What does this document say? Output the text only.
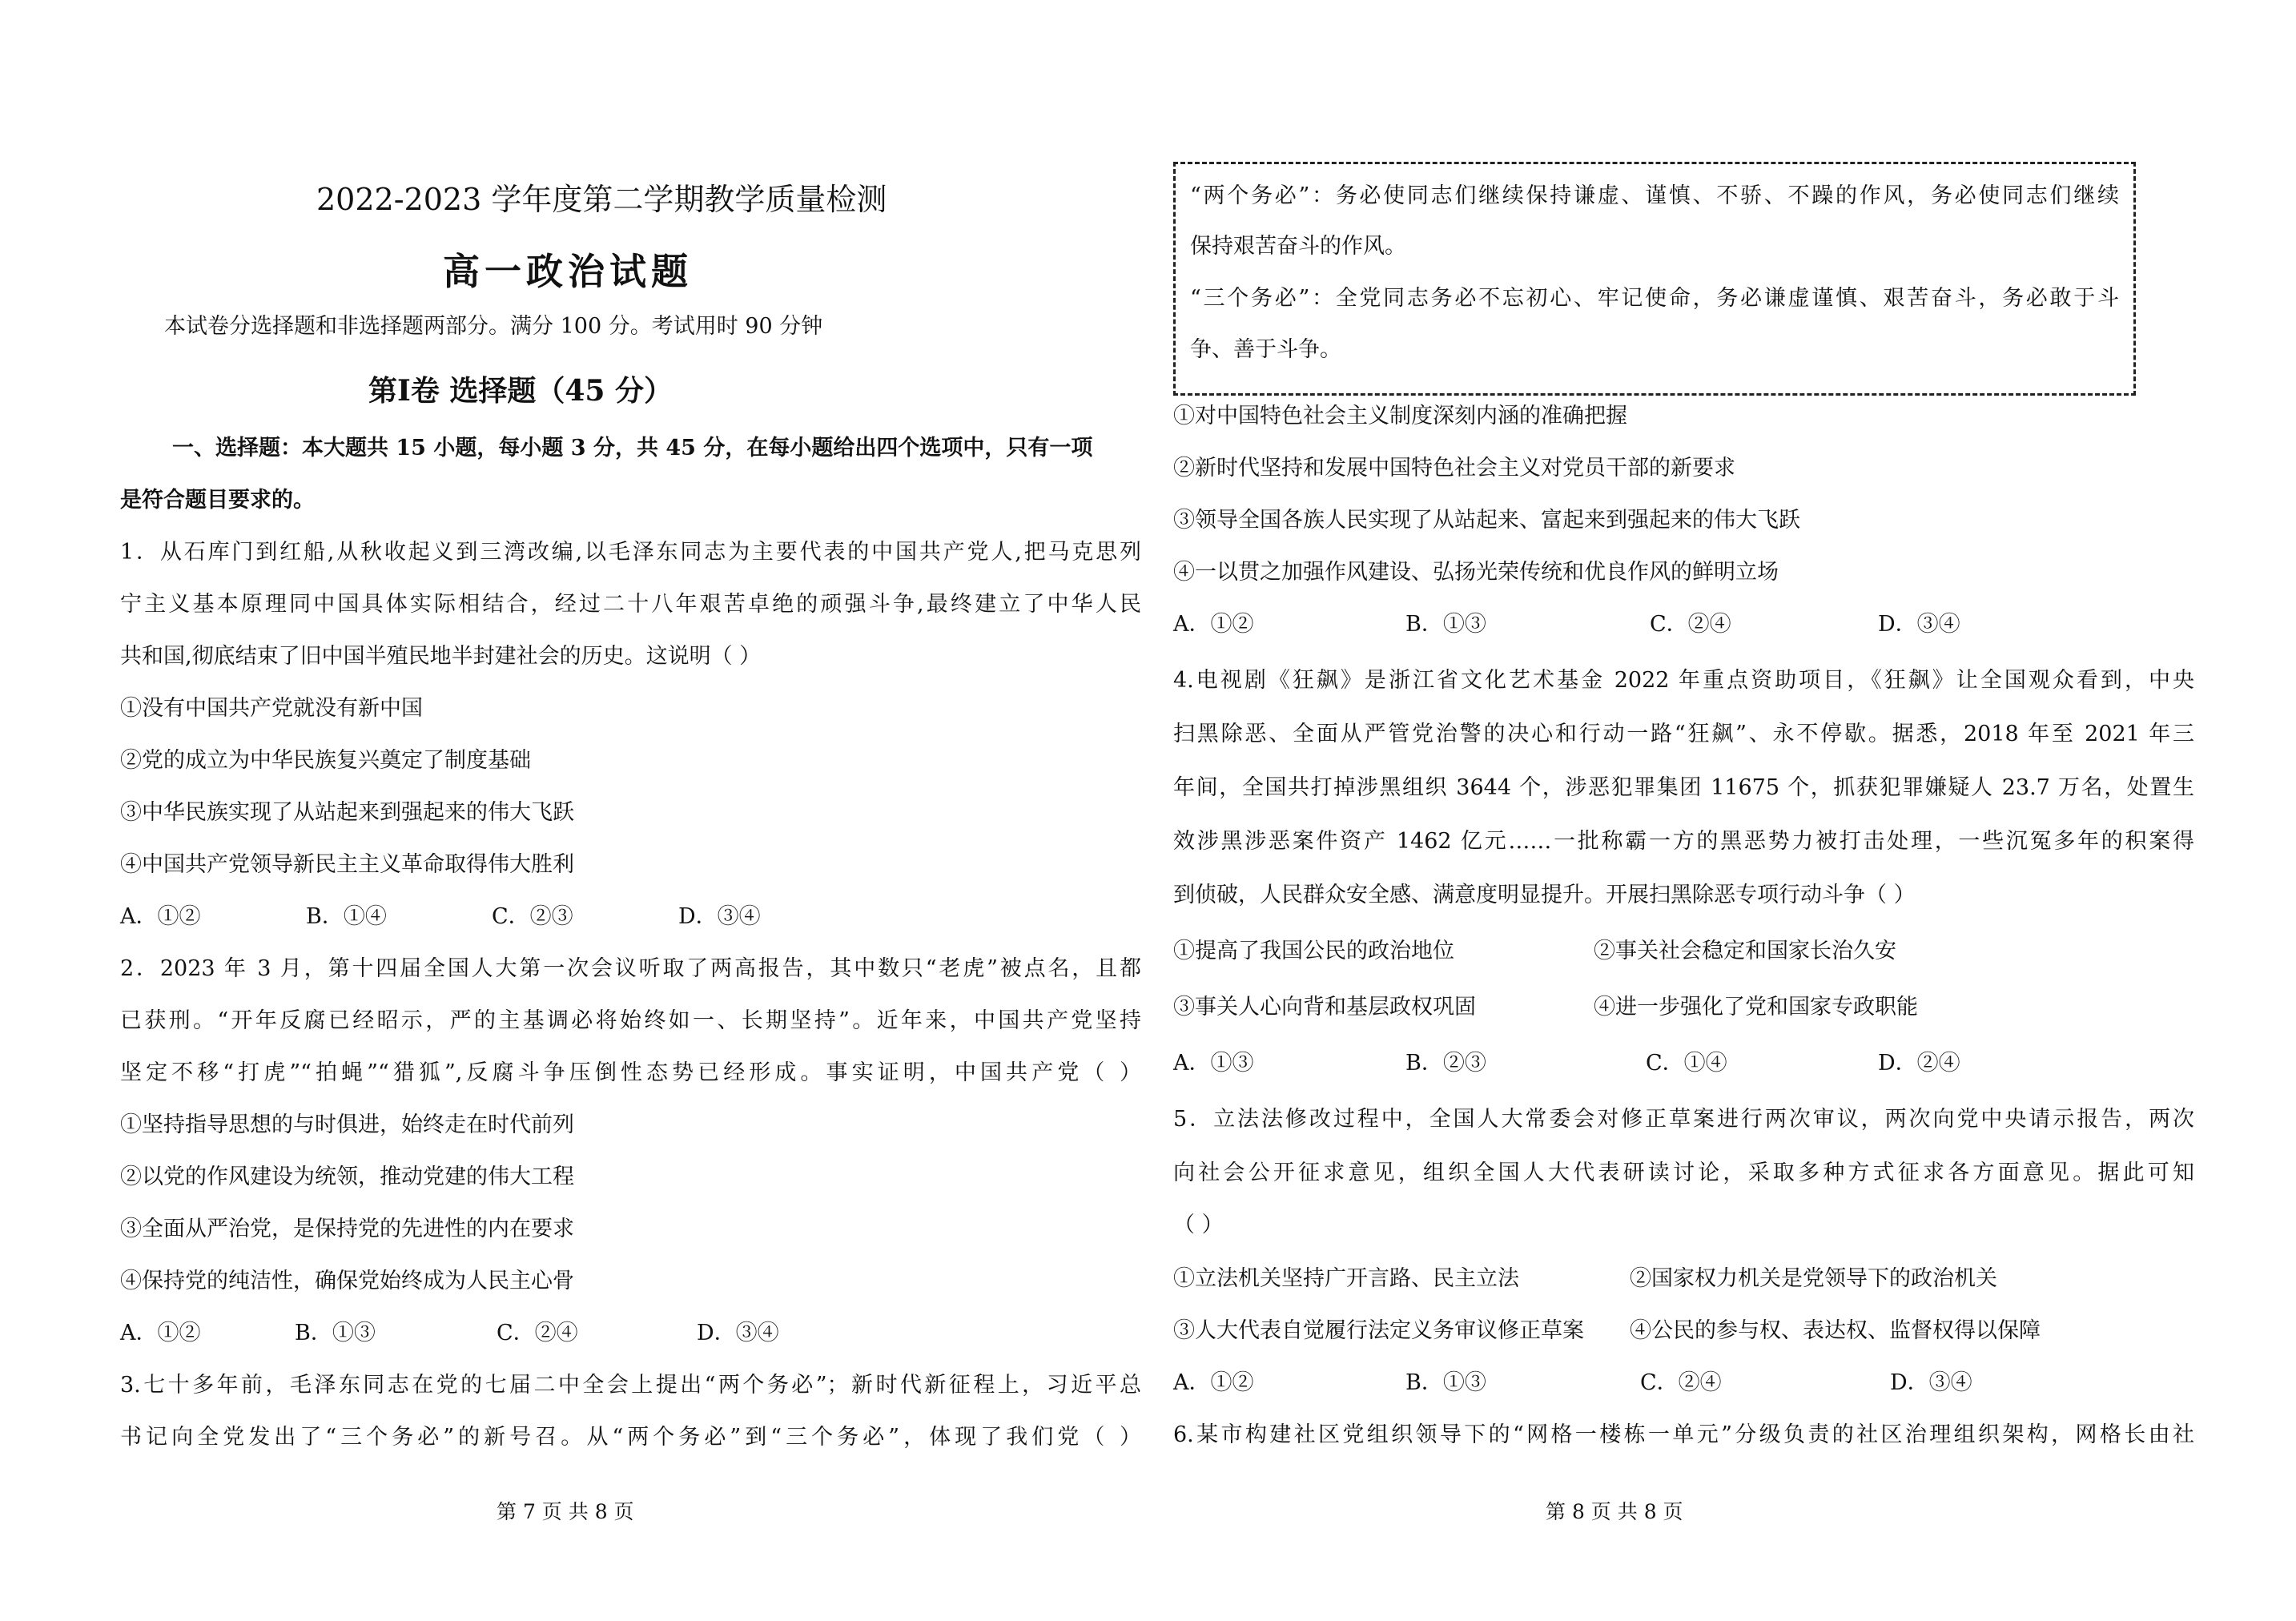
2022-2023 学年度第二学期教学质量检测
高一政治试题
本试卷分选择题和非选择题两部分。满分 100 分。考试用时 90 分钟
第Ⅰ卷 选择题（45 分）
一、选择题：本大题共 15 小题，每小题 3 分，共 45 分，在每小题给出四个选项中，只有一项
是符合题目要求的。
1．从石库门到红船,从秋收起义到三湾改编,以毛泽东同志为主要代表的中国共产党人,把马克思列
宁主义基本原理同中国具体实际相结合，经过二十八年艰苦卓绝的顽强斗争,最终建立了中华人民
共和国,彻底结束了旧中国半殖民地半封建社会的历史。这说明（ ）
①没有中国共产党就没有新中国
②党的成立为中华民族复兴奠定了制度基础
③中华民族实现了从站起来到强起来的伟大飞跃
④中国共产党领导新民主主义革命取得伟大胜利
A．①②	B．①④	C．②③	D．③④
2．2023 年 3 月，第十四届全国人大第一次会议听取了两高报告，其中数只“老虎”被点名，且都
已获刑。“开年反腐已经昭示，严的主基调必将始终如一、长期坚持”。近年来，中国共产党坚持
坚定不移“打虎”“拍蝇”“猎狐”,反腐斗争压倒性态势已经形成。事实证明，中国共产党（ ）
①坚持指导思想的与时俱进，始终走在时代前列
②以党的作风建设为统领，推动党建的伟大工程
③全面从严治党，是保持党的先进性的内在要求
④保持党的纯洁性，确保党始终成为人民主心骨
A．①②	B．①③	C．②④	D．③④
3.七十多年前，毛泽东同志在党的七届二中全会上提出“两个务必”；新时代新征程上，习近平总
书记向全党发出了“三个务必”的新号召。从“两个务必”到“三个务必”，体现了我们党（ ）
第 7 页 共 8 页
“两个务必”：务必使同志们继续保持谦虚、谨慎、不骄、不躁的作风，务必使同志们继续
保持艰苦奋斗的作风。
“三个务必”：全党同志务必不忘初心、牢记使命，务必谦虚谨慎、艰苦奋斗，务必敢于斗
争、善于斗争。
①对中国特色社会主义制度深刻内涵的准确把握
②新时代坚持和发展中国特色社会主义对党员干部的新要求
③领导全国各族人民实现了从站起来、富起来到强起来的伟大飞跃
④一以贯之加强作风建设、弘扬光荣传统和优良作风的鲜明立场
A．①②	B．①③	C．②④	D．③④
4.电视剧《狂飙》是浙江省文化艺术基金 2022 年重点资助项目，《狂飙》让全国观众看到，中央
扫黑除恶、全面从严管党治警的决心和行动一路“狂飙”、永不停歇。据悉，2018 年至 2021 年三
年间，全国共打掉涉黑组织 3644 个，涉恶犯罪集团 11675 个，抓获犯罪嫌疑人 23.7 万名，处置生
效涉黑涉恶案件资产 1462 亿元……一批称霸一方的黑恶势力被打击处理，一些沉冤多年的积案得
到侦破，人民群众安全感、满意度明显提升。开展扫黑除恶专项行动斗争（ ）
①提高了我国公民的政治地位	②事关社会稳定和国家长治久安
③事关人心向背和基层政权巩固	④进一步强化了党和国家专政职能
A．①③	B．②③	C．①④	D．②④
5．立法法修改过程中，全国人大常委会对修正草案进行两次审议，两次向党中央请示报告，两次
向社会公开征求意见，组织全国人大代表研读讨论，采取多种方式征求各方面意见。据此可知
（ ）
①立法机关坚持广开言路、民主立法	②国家权力机关是党领导下的政治机关
③人大代表自觉履行法定义务审议修正草案 ④公民的参与权、表达权、监督权得以保障
A．①②	B．①③	C．②④	D．③④
6.某市构建社区党组织领导下的“网格一楼栋一单元”分级负责的社区治理组织架构，网格长由社
第 8 页 共 8 页
